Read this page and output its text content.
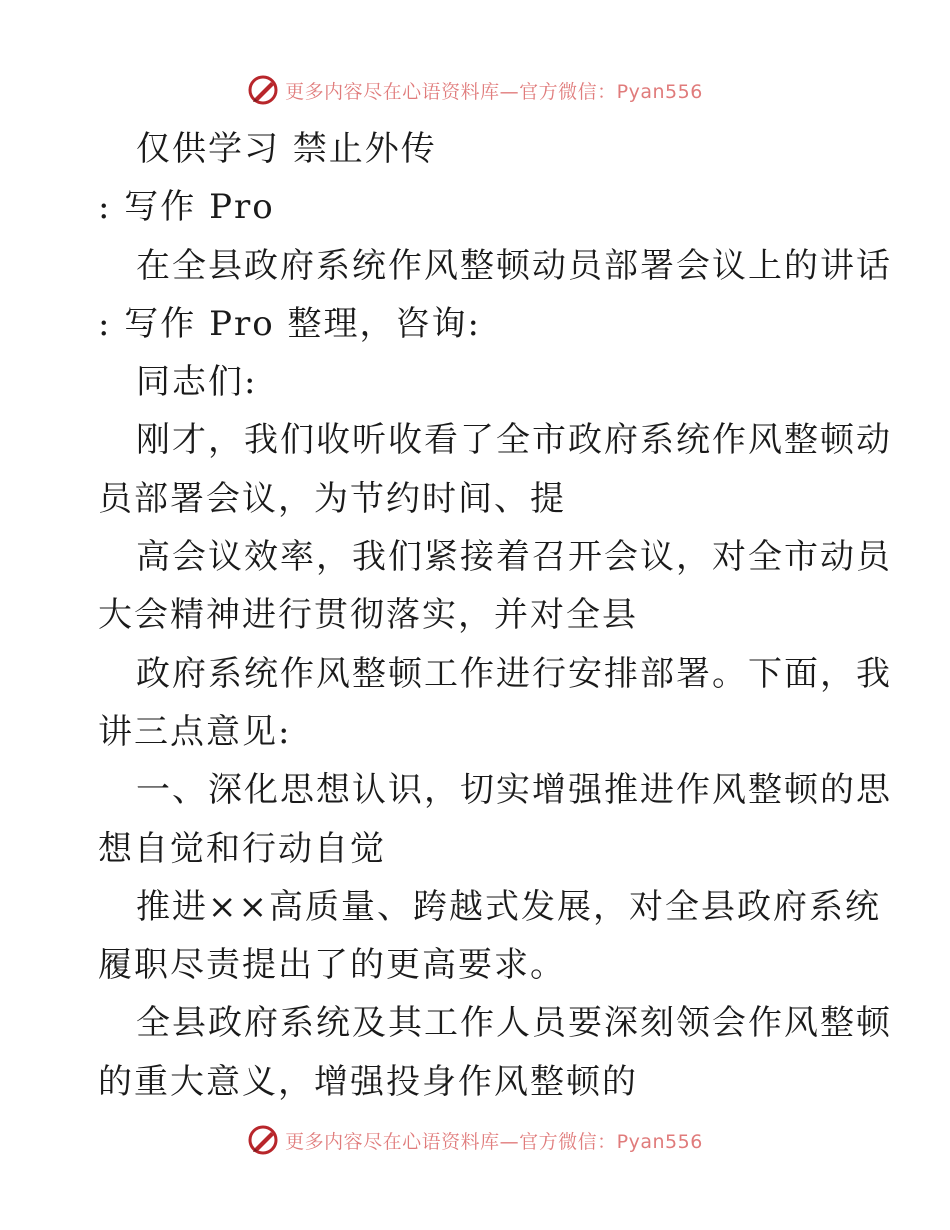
更多内容尽在心语资料库—官方微信：Pyan556
仅供学习 禁止外传
: 写作 Pro
在全县政府系统作风整顿动员部署会议上的讲话
: 写作 Pro 整理，咨询:
同志们:
刚才，我们收听收看了全市政府系统作风整顿动
员部署会议，为节约时间、提
高会议效率，我们紧接着召开会议，对全市动员
大会精神进行贯彻落实，并对全县
政府系统作风整顿工作进行安排部署。下面，我
讲三点意见:
一、深化思想认识，切实增强推进作风整顿的思
想自觉和行动自觉
推进××高质量、跨越式发展，对全县政府系统
履职尽责提出了的更高要求。
全县政府系统及其工作人员要深刻领会作风整顿
的重大意义，增强投身作风整顿的
更多内容尽在心语资料库—官方微信：Pyan556
